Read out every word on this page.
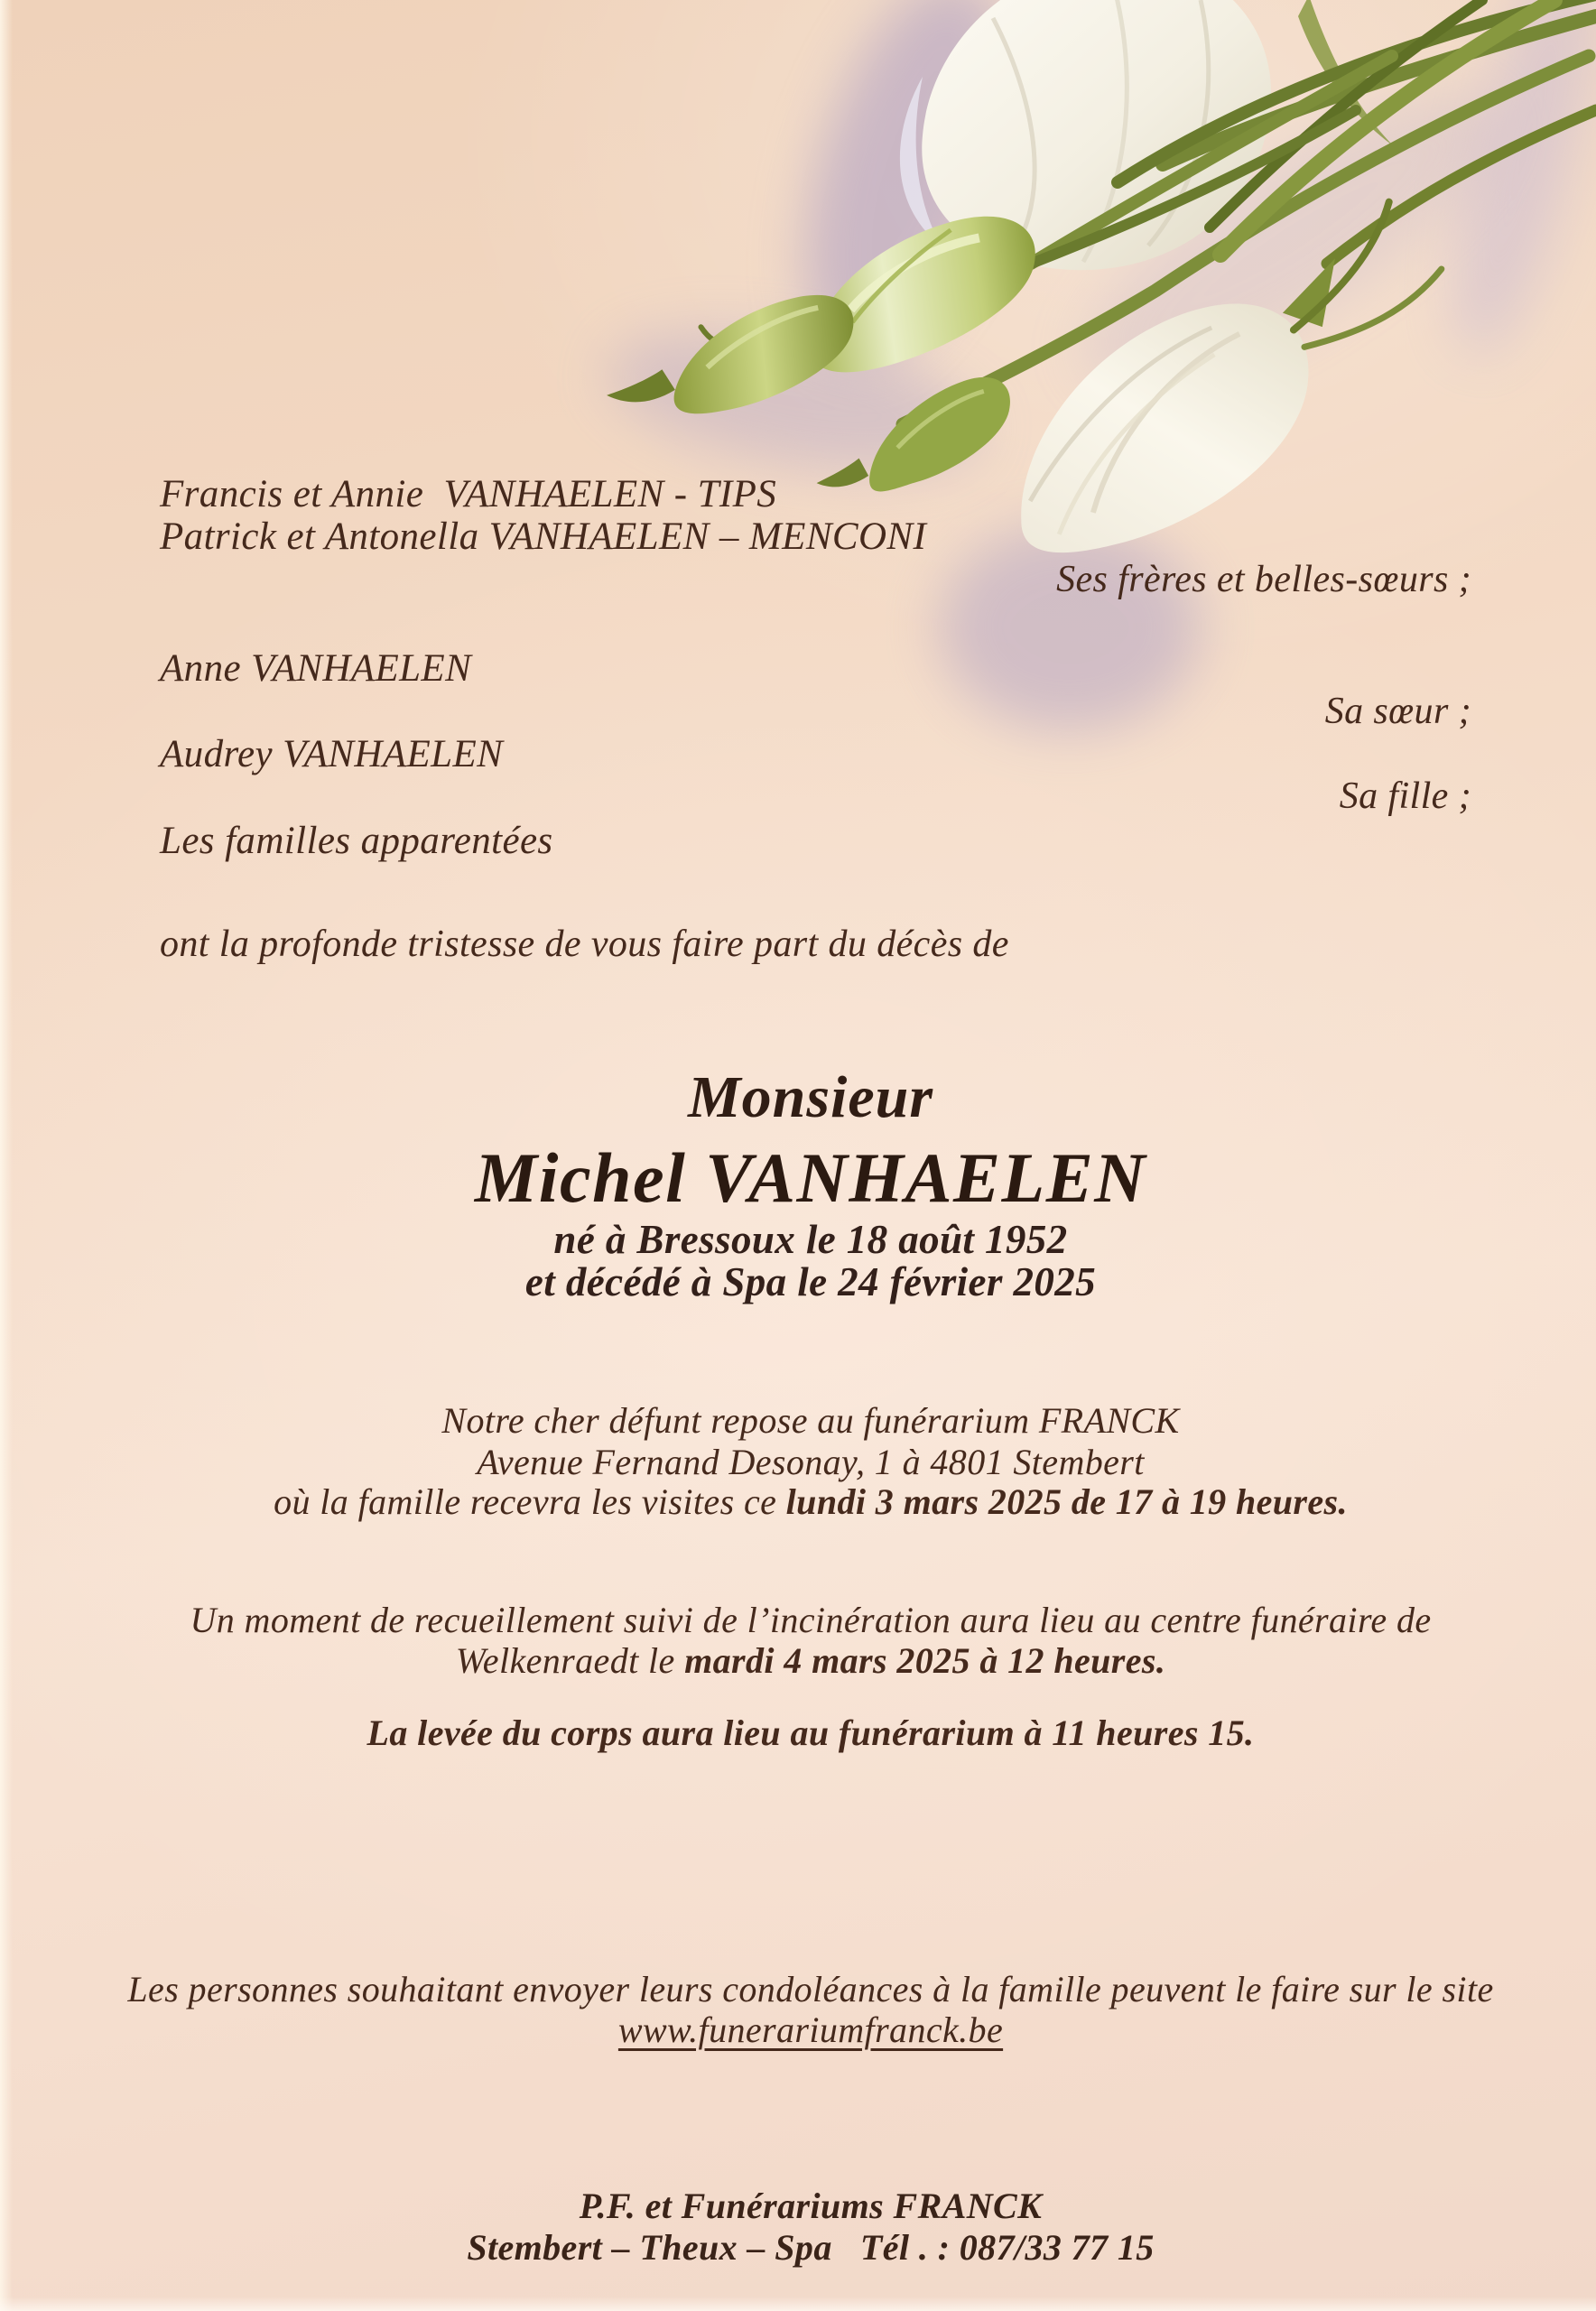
Francis et Annie  VANHAELEN - TIPS
Patrick et Antonella VANHAELEN – MENCONI
Ses frères et belles-sœurs ;
Anne VANHAELEN
Sa sœur ;
Audrey VANHAELEN
Sa fille ;
Les familles apparentées
ont la profonde tristesse de vous faire part du décès de
Monsieur
Michel VANHAELEN
né à Bressoux le 18 août 1952
et décédé à Spa le 24 février 2025
Notre cher défunt repose au funérarium FRANCK
Avenue Fernand Desonay, 1 à 4801 Stembert
où la famille recevra les visites ce lundi 3 mars 2025 de 17 à 19 heures.
Un moment de recueillement suivi de l’incinération aura lieu au centre funéraire de
Welkenraedt le mardi 4 mars 2025 à 12 heures.
La levée du corps aura lieu au funérarium à 11 heures 15.
Les personnes souhaitant envoyer leurs condoléances à la famille peuvent le faire sur le site
www.funerariumfranck.be
P.F. et Funérariums FRANCK
Stembert – Theux – Spa   Tél . : 087/33 77 15
